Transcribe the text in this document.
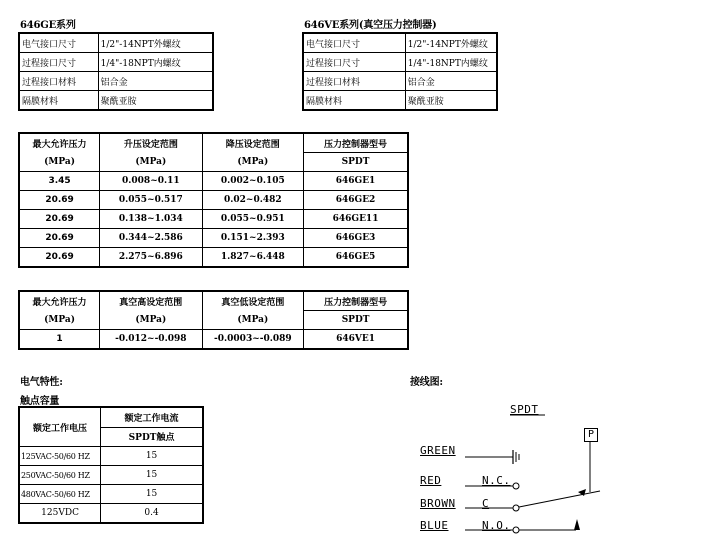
646GE系列
电气接口尺寸	1/2"-14NPT外螺纹
过程接口尺寸	1/4"-18NPT内螺纹
过程接口材料	铝合金
隔膜材料	聚酰亚胺
646VE系列(真空压力控制器)
电气接口尺寸	1/2"-14NPT外螺纹
过程接口尺寸	1/4"-18NPT内螺纹
过程接口材料	铝合金
隔膜材料	聚酰亚胺
最大允许压力	升压设定范围	降压设定范围	压力控制器型号
(MPa)	(MPa)	(MPa)	SPDT
3.45	0.008~0.11	0.002~0.105	646GE1
20.69	0.055~0.517	0.02~0.482	646GE2
20.69	0.138~1.034	0.055~0.951	646GE11
20.69	0.344~2.586	0.151~2.393	646GE3
20.69	2.275~6.896	1.827~6.448	646GE5
最大允许压力	真空高设定范围	真空低设定范围	压力控制器型号
(MPa)	(MPa)	(MPa)	SPDT
1	-0.012~-0.098	-0.0003~-0.089	646VE1
电气特性:
触点容量
额定工作电压	额定工作电流
	SPDT触点
125VAC-50/60 HZ	15
250VAC-50/60 HZ	15
480VAC-50/60 HZ	15
125VDC	0.4
接线图:
SPDT
P
GREEN
RED	N.C.
BROWN C
BLUE	N.O.
